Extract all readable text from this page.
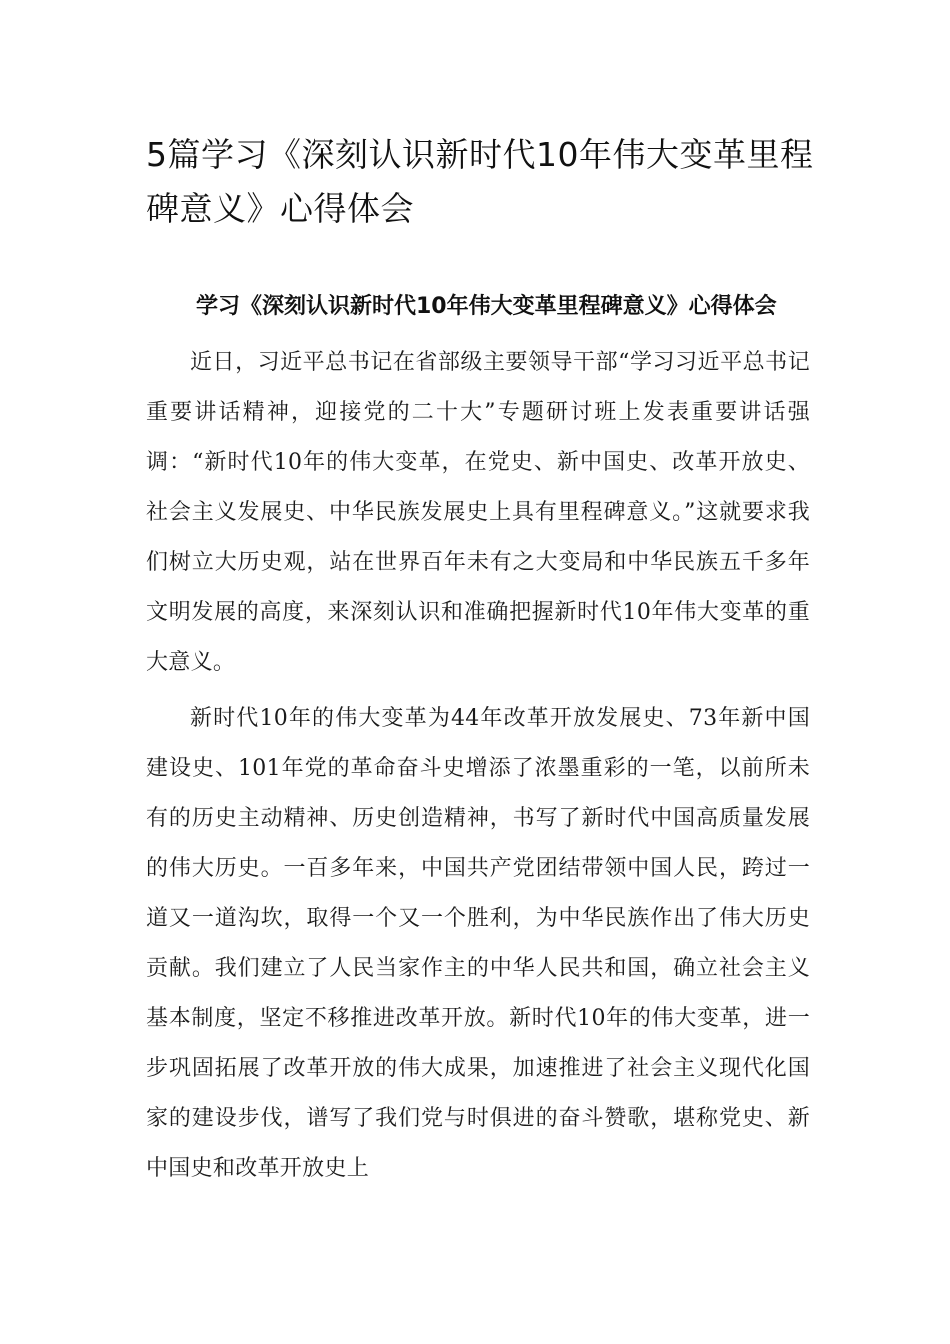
5篇学习《深刻认识新时代10年伟大变革里程碑意义》心得体会

学习《深刻认识新时代10年伟大变革里程碑意义》心得体会

近日，习近平总书记在省部级主要领导干部“学习习近平总书记重要讲话精神，迎接党的二十大”专题研讨班上发表重要讲话强调：“新时代10年的伟大变革，在党史、新中国史、改革开放史、社会主义发展史、中华民族发展史上具有里程碑意义。”这就要求我们树立大历史观，站在世界百年未有之大变局和中华民族五千多年文明发展的高度，来深刻认识和准确把握新时代10年伟大变革的重大意义。

新时代10年的伟大变革为44年改革开放发展史、73年新中国建设史、101年党的革命奋斗史增添了浓墨重彩的一笔，以前所未有的历史主动精神、历史创造精神，书写了新时代中国高质量发展的伟大历史。一百多年来，中国共产党团结带领中国人民，跨过一道又一道沟坎，取得一个又一个胜利，为中华民族作出了伟大历史贡献。我们建立了人民当家作主的中华人民共和国，确立社会主义基本制度，坚定不移推进改革开放。新时代10年的伟大变革，进一步巩固拓展了改革开放的伟大成果，加速推进了社会主义现代化国家的建设步伐，谱写了我们党与时俱进的奋斗赞歌，堪称党史、新中国史和改革开放史上
